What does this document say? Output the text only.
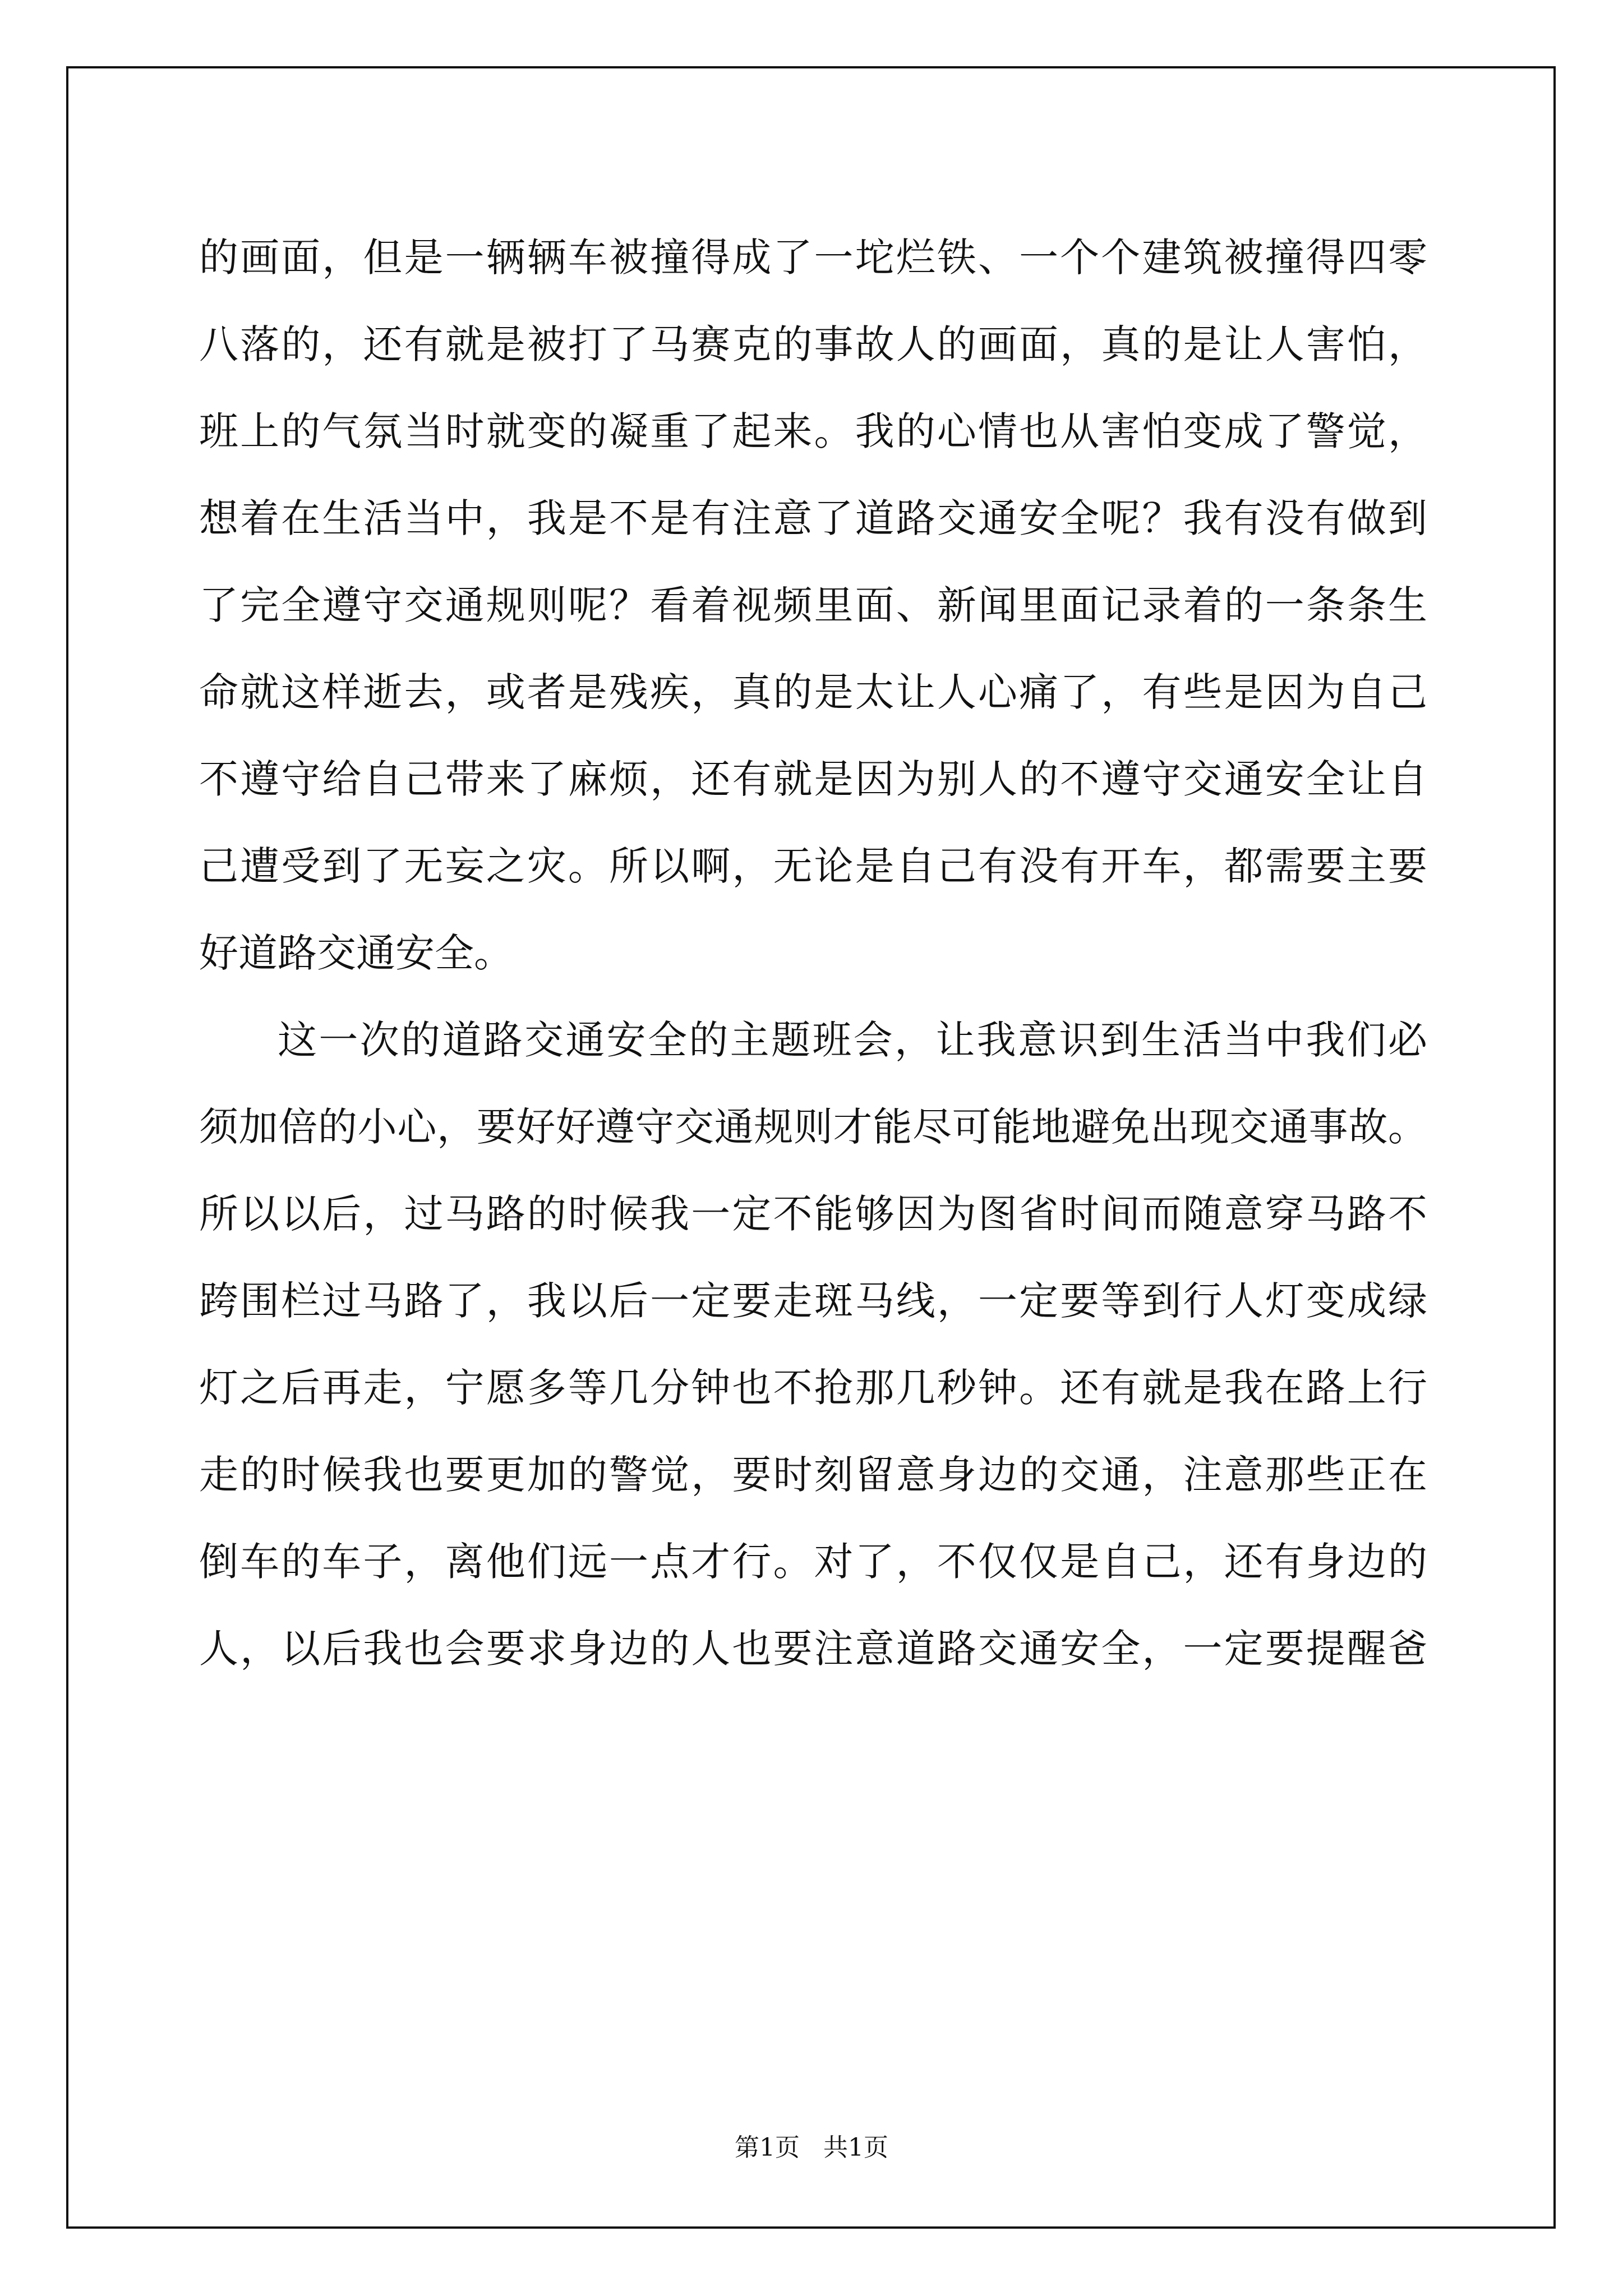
的画面，但是一辆辆车被撞得成了一坨烂铁、一个个建筑被撞得四零
八落的，还有就是被打了马赛克的事故人的画面，真的是让人害怕，
班上的气氛当时就变的凝重了起来。我的心情也从害怕变成了警觉，
想着在生活当中，我是不是有注意了道路交通安全呢？我有没有做到
了完全遵守交通规则呢？看着视频里面、新闻里面记录着的一条条生
命就这样逝去，或者是残疾，真的是太让人心痛了，有些是因为自己
不遵守给自己带来了麻烦，还有就是因为别人的不遵守交通安全让自
己遭受到了无妄之灾。所以啊，无论是自己有没有开车，都需要主要
好道路交通安全。
这一次的道路交通安全的主题班会，让我意识到生活当中我们必
须加倍的小心，要好好遵守交通规则才能尽可能地避免出现交通事故。
所以以后，过马路的时候我一定不能够因为图省时间而随意穿马路不
跨围栏过马路了，我以后一定要走斑马线，一定要等到行人灯变成绿
灯之后再走，宁愿多等几分钟也不抢那几秒钟。还有就是我在路上行
走的时候我也要更加的警觉，要时刻留意身边的交通，注意那些正在
倒车的车子，离他们远一点才行。对了，不仅仅是自己，还有身边的
人，以后我也会要求身边的人也要注意道路交通安全，一定要提醒爸
第1页   共1页
